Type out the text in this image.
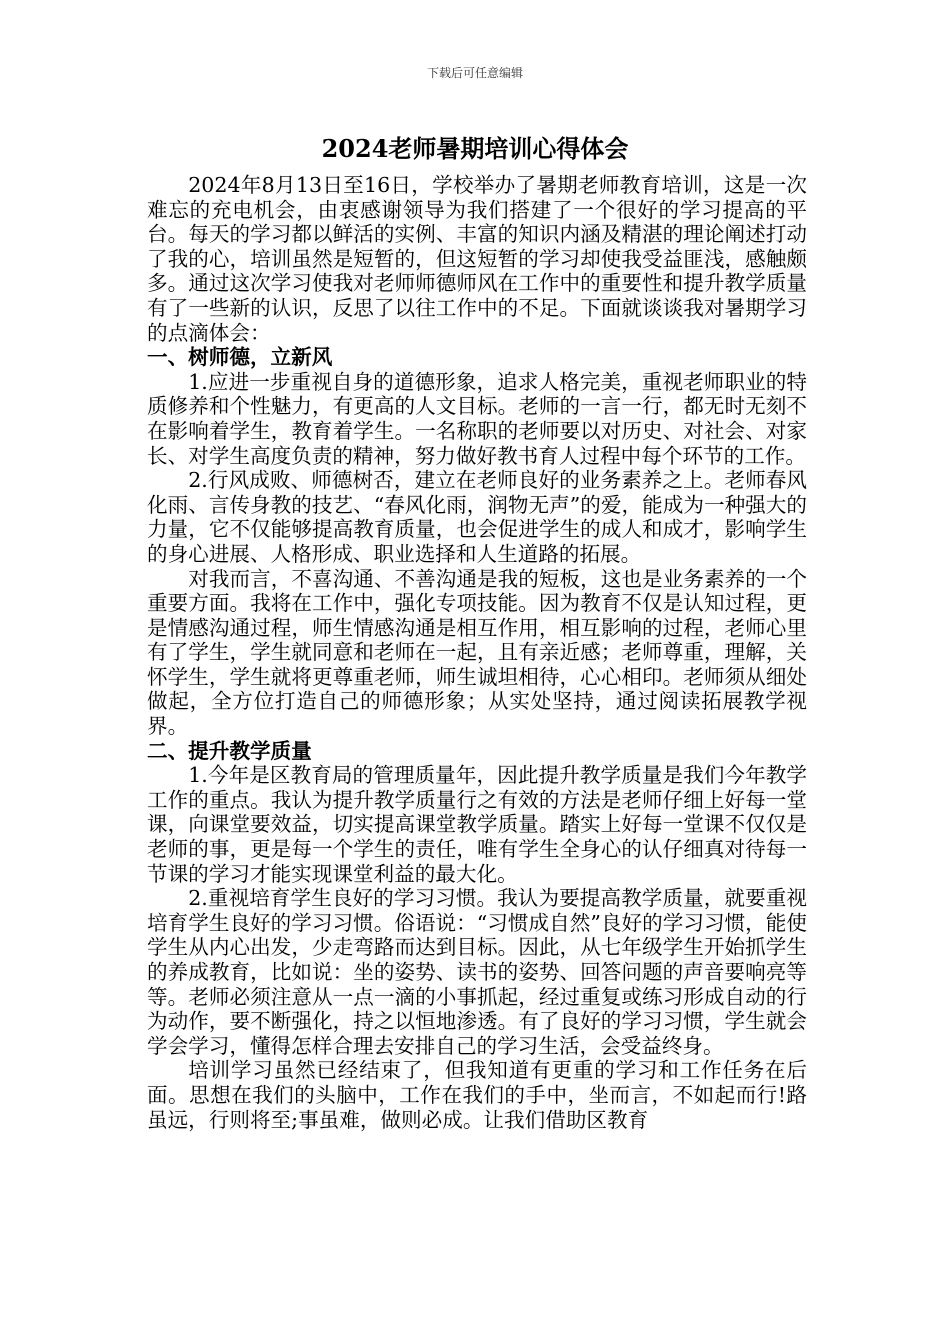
下载后可任意编辑
2024老师暑期培训心得体会

2024年8月13日至16日，学校举办了暑期老师教育培训，这是一次难忘的充电机会，由衷感谢领导为我们搭建了一个很好的学习提高的平台。每天的学习都以鲜活的实例、丰富的知识内涵及精湛的理论阐述打动了我的心，培训虽然是短暂的，但这短暂的学习却使我受益匪浅，感触颇多。通过这次学习使我对老师师德师风在工作中的重要性和提升教学质量有了一些新的认识，反思了以往工作中的不足。下面就谈谈我对暑期学习的点滴体会：

一、树师德，立新风

1.应进一步重视自身的道德形象，追求人格完美，重视老师职业的特质修养和个性魅力，有更高的人文目标。老师的一言一行，都无时无刻不在影响着学生，教育着学生。一名称职的老师要以对历史、对社会、对家长、对学生高度负责的精神，努力做好教书育人过程中每个环节的工作。

2.行风成败、师德树否，建立在老师良好的业务素养之上。老师春风化雨、言传身教的技艺、“春风化雨，润物无声”的爱，能成为一种强大的力量，它不仅能够提高教育质量，也会促进学生的成人和成才，影响学生的身心进展、人格形成、职业选择和人生道路的拓展。

对我而言，不喜沟通、不善沟通是我的短板，这也是业务素养的一个重要方面。我将在工作中，强化专项技能。因为教育不仅是认知过程，更是情感沟通过程，师生情感沟通是相互作用，相互影响的过程，老师心里有了学生，学生就同意和老师在一起，且有亲近感；老师尊重，理解，关怀学生，学生就将更尊重老师，师生诚坦相待，心心相印。老师须从细处做起，全方位打造自己的师德形象；从实处坚持，通过阅读拓展教学视界。

二、提升教学质量

1.今年是区教育局的管理质量年，因此提升教学质量是我们今年教学工作的重点。我认为提升教学质量行之有效的方法是老师仔细上好每一堂课，向课堂要效益，切实提高课堂教学质量。踏实上好每一堂课不仅仅是老师的事，更是每一个学生的责任，唯有学生全身心的认仔细真对待每一节课的学习才能实现课堂利益的最大化。

2.重视培育学生良好的学习习惯。我认为要提高教学质量，就要重视培育学生良好的学习习惯。俗语说：“习惯成自然”良好的学习习惯，能使学生从内心出发，少走弯路而达到目标。因此，从七年级学生开始抓学生的养成教育，比如说：坐的姿势、读书的姿势、回答问题的声音要响亮等等。老师必须注意从一点一滴的小事抓起，经过重复或练习形成自动的行为动作，要不断强化，持之以恒地渗透。有了良好的学习习惯，学生就会学会学习，懂得怎样合理去安排自己的学习生活，会受益终身。

培训学习虽然已经结束了，但我知道有更重的学习和工作任务在后面。思想在我们的头脑中，工作在我们的手中，坐而言，不如起而行!路虽远，行则将至;事虽难，做则必成。让我们借助区教育
